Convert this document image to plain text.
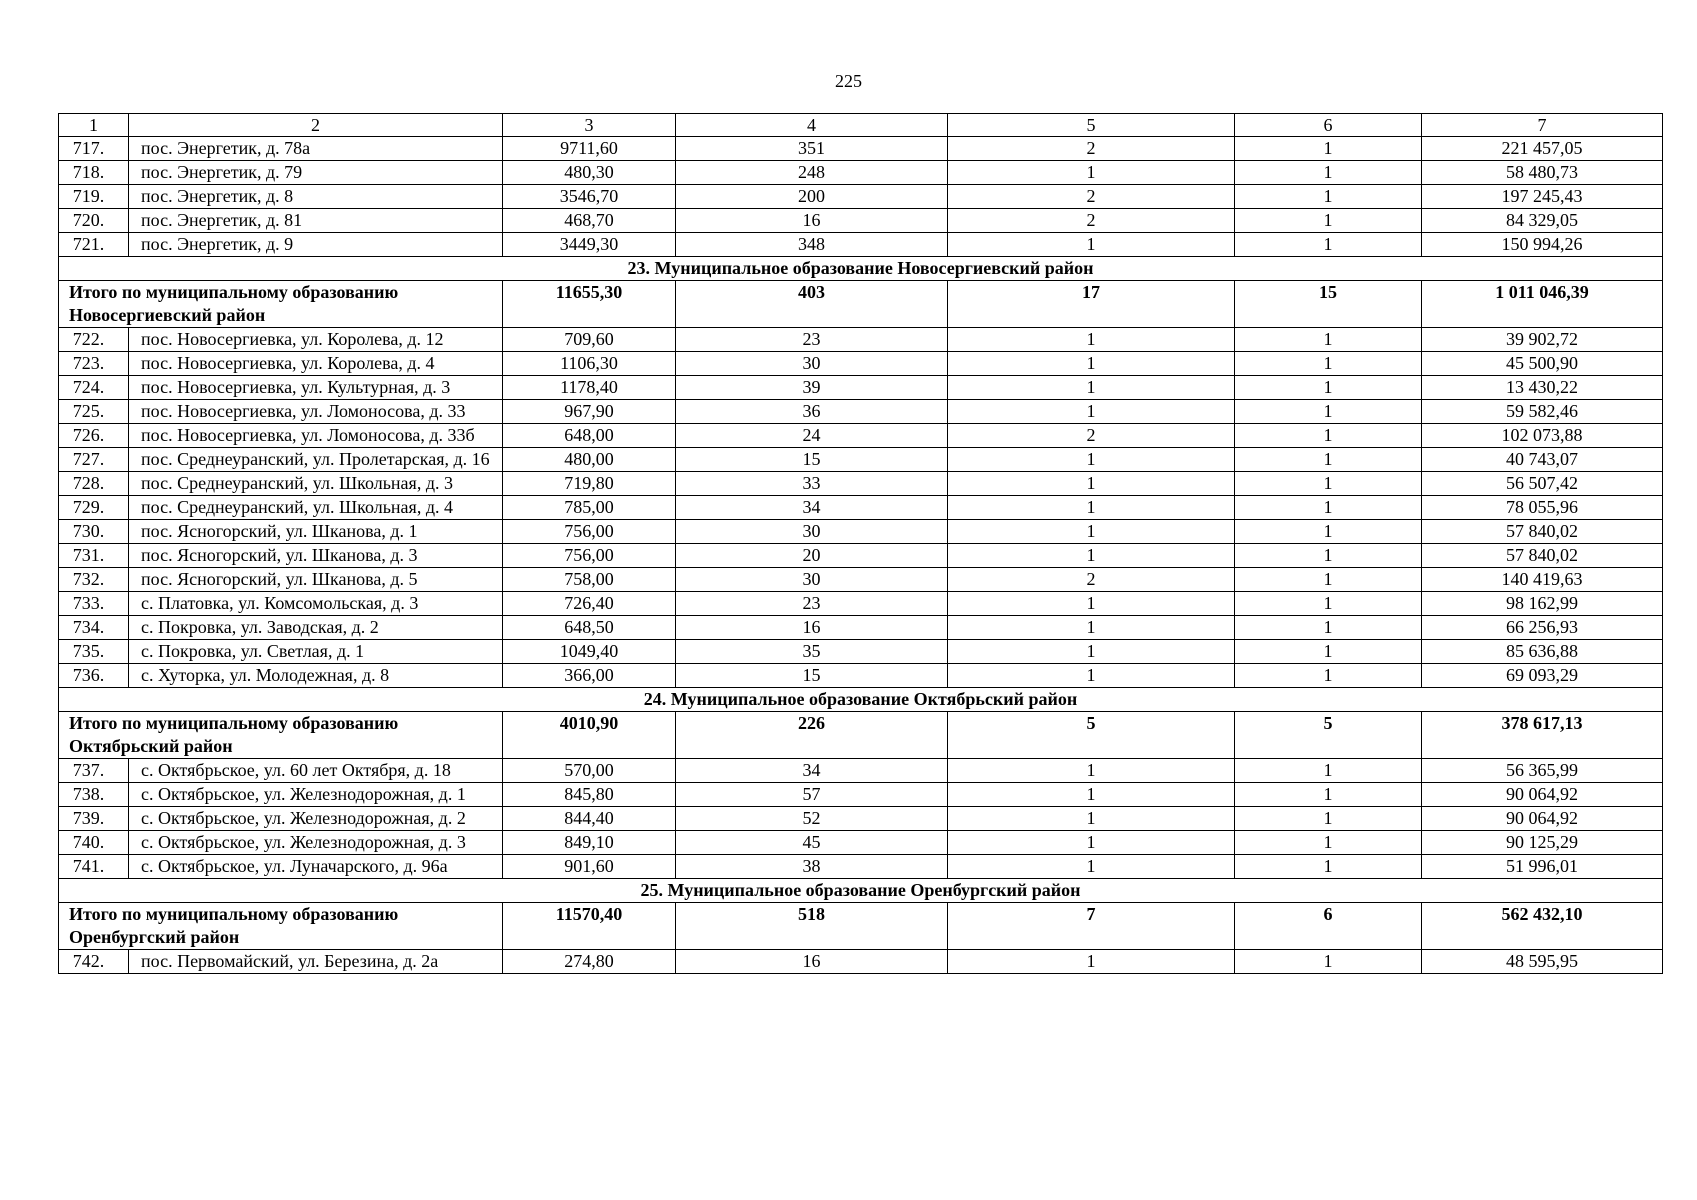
225
1	2	3	4	5	6	7
717.	пос. Энергетик, д. 78а	9711,60	351	2	1	221 457,05
718.	пос. Энергетик, д. 79	480,30	248	1	1	58 480,73
719.	пос. Энергетик, д. 8	3546,70	200	2	1	197 245,43
720.	пос. Энергетик, д. 81	468,70	16	2	1	84 329,05
721.	пос. Энергетик, д. 9	3449,30	348	1	1	150 994,26
23. Муниципальное образование Новосергиевский район						
Итого по муниципальному образованию Новосергиевский район		11655,30	403	17	15	1 011 046,39
722.	пос. Новосергиевка, ул. Королева, д. 12	709,60	23	1	1	39 902,72
723.	пос. Новосергиевка, ул. Королева, д. 4	1106,30	30	1	1	45 500,90
724.	пос. Новосергиевка, ул. Культурная, д. 3	1178,40	39	1	1	13 430,22
725.	пос. Новосергиевка, ул. Ломоносова, д. 33	967,90	36	1	1	59 582,46
726.	пос. Новосергиевка, ул. Ломоносова, д. 33б	648,00	24	2	1	102 073,88
727.	пос. Среднеуранский, ул. Пролетарская, д. 16	480,00	15	1	1	40 743,07
728.	пос. Среднеуранский, ул. Школьная, д. 3	719,80	33	1	1	56 507,42
729.	пос. Среднеуранский, ул. Школьная, д. 4	785,00	34	1	1	78 055,96
730.	пос. Ясногорский, ул. Шканова, д. 1	756,00	30	1	1	57 840,02
731.	пос. Ясногорский, ул. Шканова, д. 3	756,00	20	1	1	57 840,02
732.	пос. Ясногорский, ул. Шканова, д. 5	758,00	30	2	1	140 419,63
733.	с. Платовка, ул. Комсомольская, д. 3	726,40	23	1	1	98 162,99
734.	с. Покровка, ул. Заводская, д. 2	648,50	16	1	1	66 256,93
735.	с. Покровка, ул. Светлая, д. 1	1049,40	35	1	1	85 636,88
736.	с. Хуторка, ул. Молодежная, д. 8	366,00	15	1	1	69 093,29
24. Муниципальное образование Октябрьский район						
Итого по муниципальному образованию Октябрьский район		4010,90	226	5	5	378 617,13
737.	с. Октябрьское, ул. 60 лет Октября, д. 18	570,00	34	1	1	56 365,99
738.	с. Октябрьское, ул. Железнодорожная, д. 1	845,80	57	1	1	90 064,92
739.	с. Октябрьское, ул. Железнодорожная, д. 2	844,40	52	1	1	90 064,92
740.	с. Октябрьское, ул. Железнодорожная, д. 3	849,10	45	1	1	90 125,29
741.	с. Октябрьское, ул. Луначарского, д. 96а	901,60	38	1	1	51 996,01
25. Муниципальное образование Оренбургский район						
Итого по муниципальному образованию Оренбургский район		11570,40	518	7	6	562 432,10
742.	пос. Первомайский, ул. Березина, д. 2а	274,80	16	1	1	48 595,95
